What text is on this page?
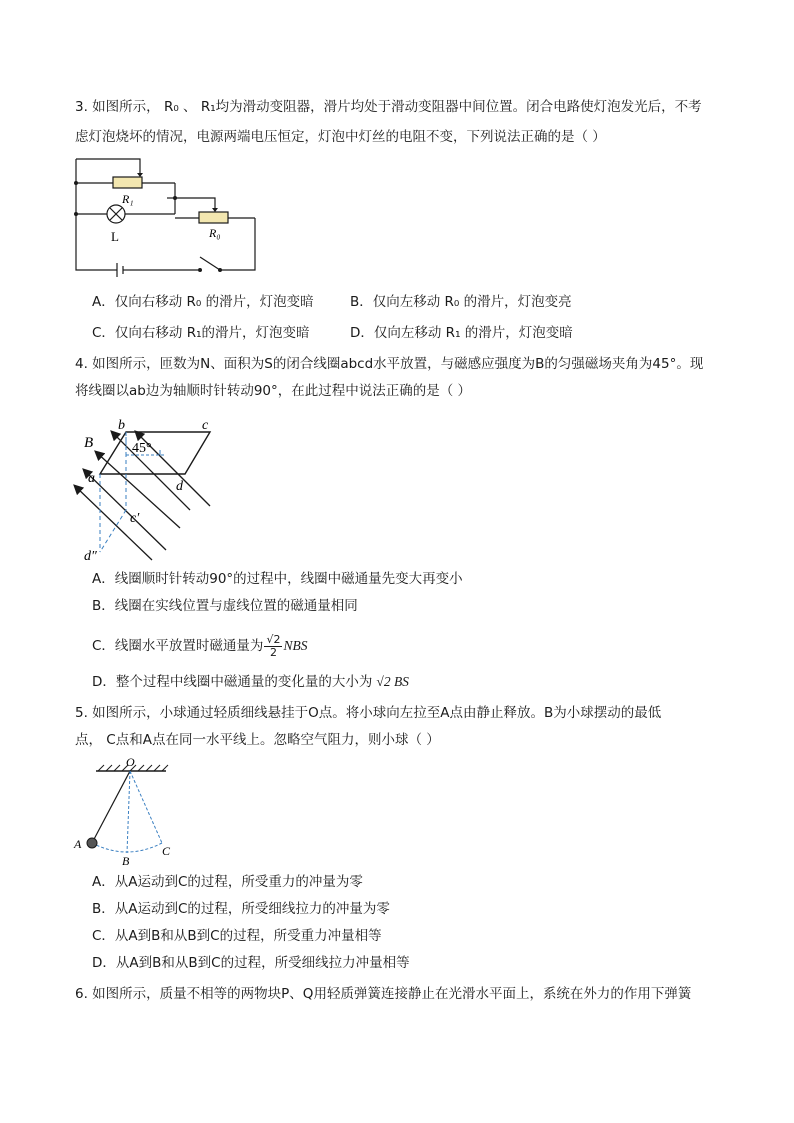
3. 如图所示， R₀ 、 R₁均为滑动变阻器，滑片均处于滑动变阻器中间位置。闭合电路使灯泡发光后，不考
虑灯泡烧坏的情况，电源两端电压恒定，灯泡中灯丝的电阻不变，下列说法正确的是（ ）
R₁
L	R₀
A．仅向右移动 R₀ 的滑片，灯泡变暗	B．仅向左移动 R₀ 的滑片，灯泡变亮
C．仅向右移动 R₁的滑片，灯泡变暗	D．仅向左移动 R₁ 的滑片，灯泡变暗
4. 如图所示，匝数为N、面积为S的闭合线圈abcd水平放置，与磁感应强度为B的匀强磁场夹角为45°。现
将线圈以ab边为轴顺时针转动90°，在此过程中说法正确的是（ ）
B
b	c
a
d
45°
c′
d″
A．线圈顺时针转动90°的过程中，线圈中磁通量先变大再变小
B．线圈在实线位置与虚线位置的磁通量相同
C．线圈水平放置时磁通量为 $\frac{√2}{2}$ NBS
D．整个过程中线圈中磁通量的变化量的大小为 √2 BS
5. 如图所示，小球通过轻质细线悬挂于O点。将小球向左拉至A点由静止释放。B为小球摆动的最低
点， C点和A点在同一水平线上。忽略空气阻力，则小球（ ）
O
A
B
C
A．从A运动到C的过程，所受重力的冲量为零
B．从A运动到C的过程，所受细线拉力的冲量为零
C．从A到B和从B到C的过程，所受重力冲量相等
D．从A到B和从B到C的过程，所受细线拉力冲量相等
6. 如图所示，质量不相等的两物块P、Q用轻质弹簧连接静止在光滑水平面上，系统在外力的作用下弹簧
